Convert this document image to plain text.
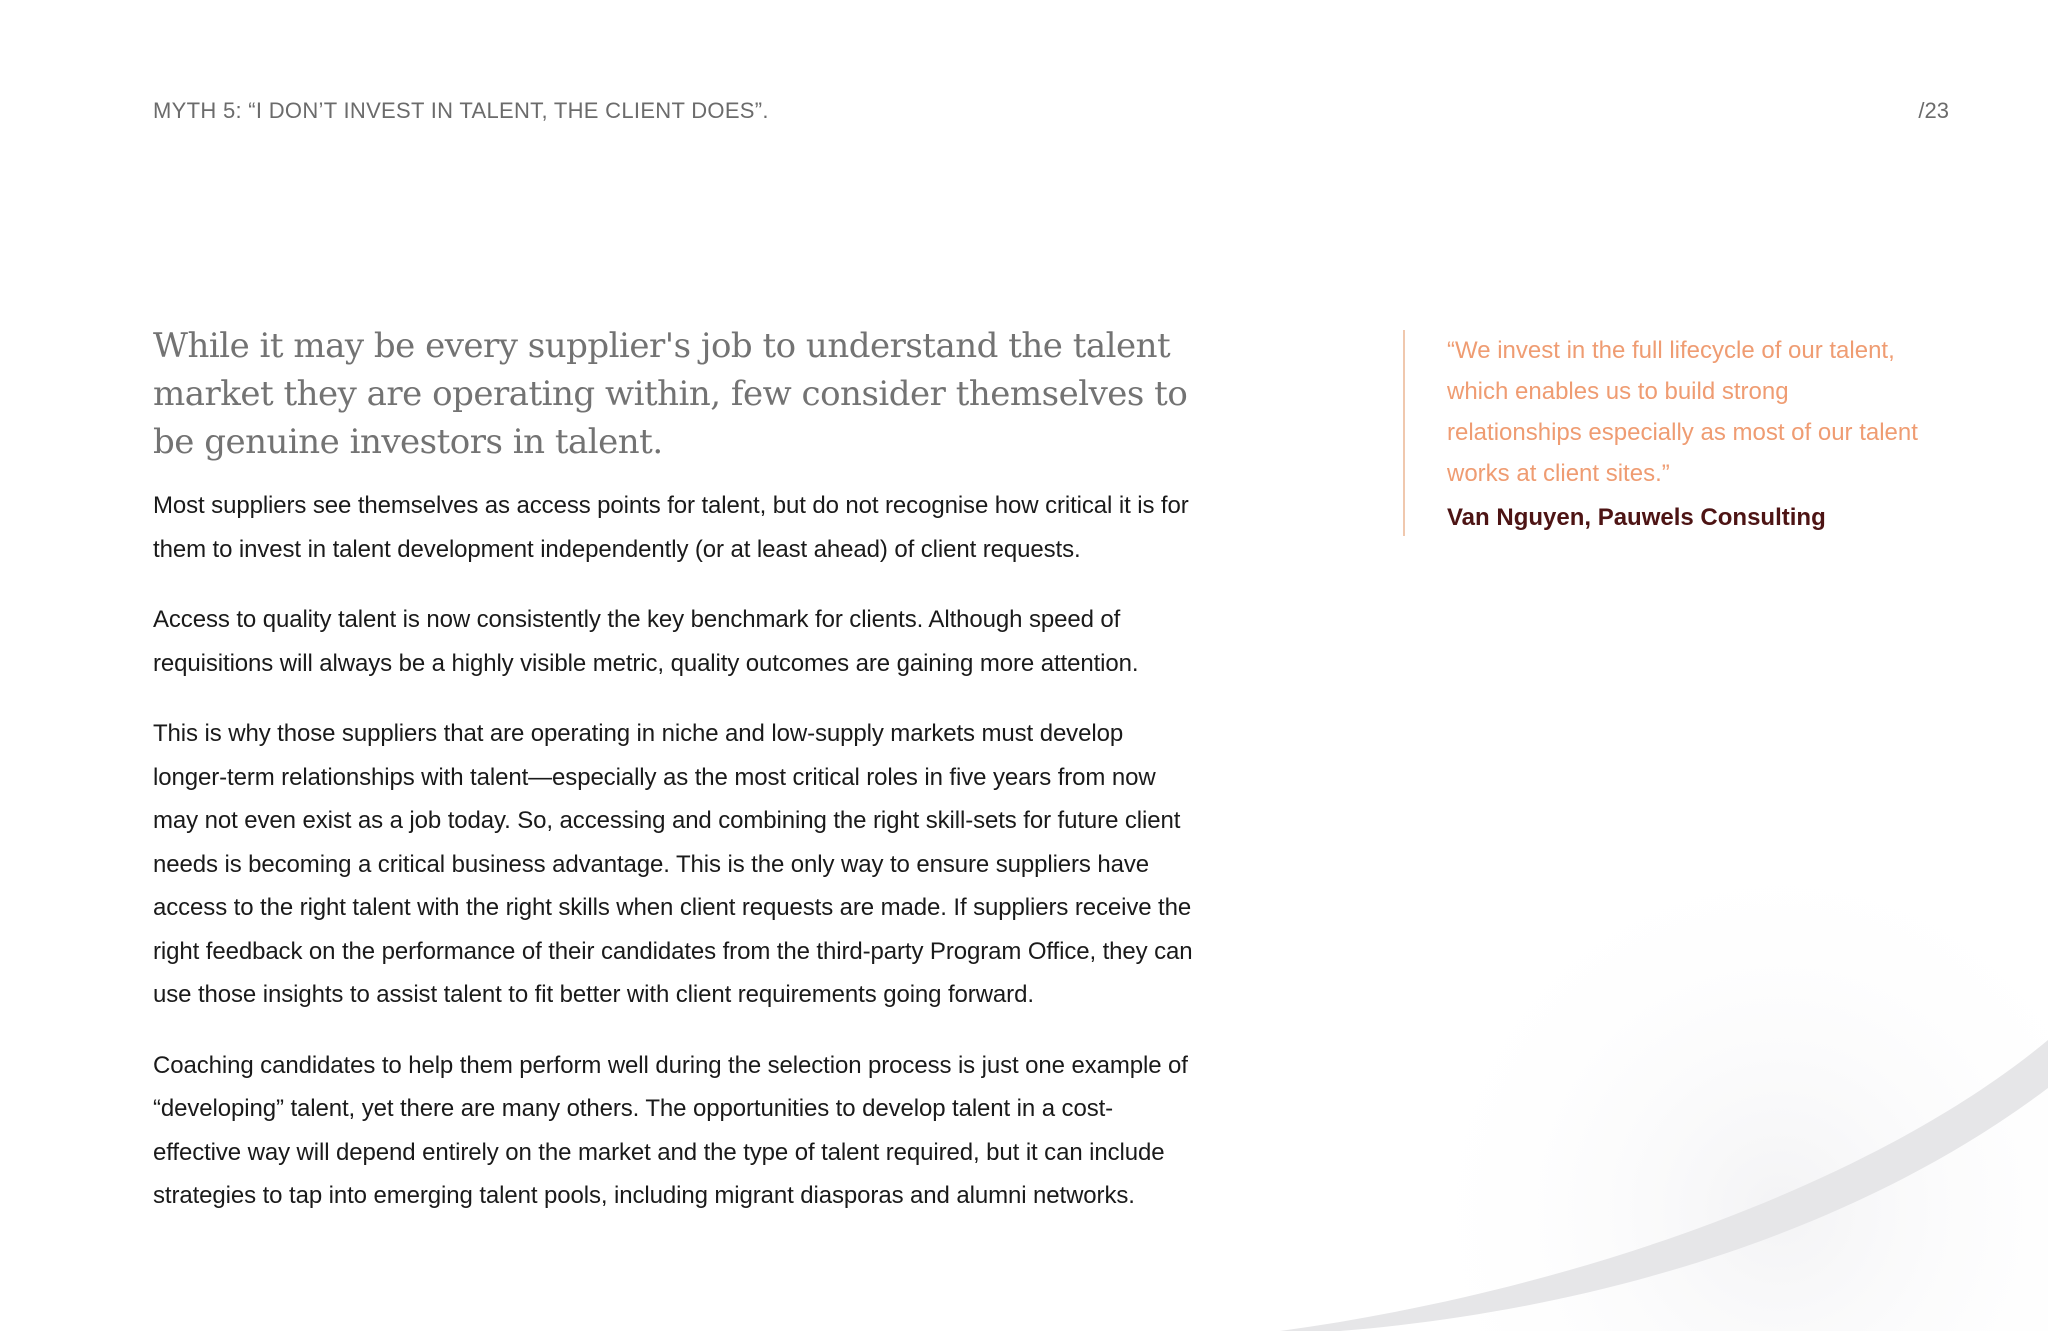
MYTH 5: “I DON’T INVEST IN TALENT, THE CLIENT DOES”.	/23

While it may be every supplier's job to understand the talent market they are operating within, few consider themselves to be genuine investors in talent.

Most suppliers see themselves as access points for talent, but do not recognise how critical it is for them to invest in talent development independently (or at least ahead) of client requests.

Access to quality talent is now consistently the key benchmark for clients. Although speed of requisitions will always be a highly visible metric, quality outcomes are gaining more attention.

This is why those suppliers that are operating in niche and low-supply markets must develop longer-term relationships with talent—especially as the most critical roles in five years from now may not even exist as a job today. So, accessing and combining the right skill-sets for future client needs is becoming a critical business advantage. This is the only way to ensure suppliers have access to the right talent with the right skills when client requests are made. If suppliers receive the right feedback on the performance of their candidates from the third-party Program Office, they can use those insights to assist talent to fit better with client requirements going forward.

Coaching candidates to help them perform well during the selection process is just one example of “developing” talent, yet there are many others. The opportunities to develop talent in a cost-effective way will depend entirely on the market and the type of talent required, but it can include strategies to tap into emerging talent pools, including migrant diasporas and alumni networks.

“We invest in the full lifecycle of our talent, which enables us to build strong relationships especially as most of our talent works at client sites.”

Van Nguyen, Pauwels Consulting
